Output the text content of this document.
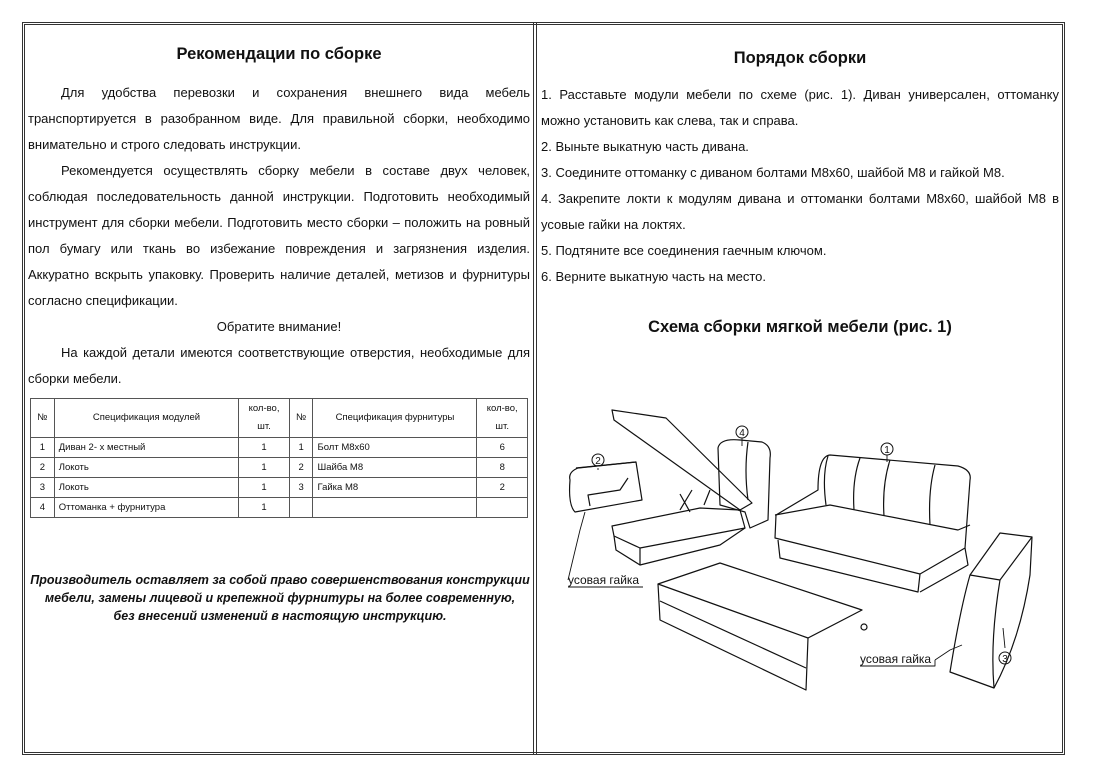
Рекомендации по сборке

Для удобства перевозки и сохранения внешнего вида мебель транспортируется в разобранном виде. Для правильной сборки, необходимо внимательно и строго следовать инструкции.

Рекомендуется осуществлять сборку мебели в составе двух человек, соблюдая последовательность данной инструкции. Подготовить необходимый инструмент для сборки мебели. Подготовить место сборки – положить на ровный пол бумагу или ткань во избежание повреждения и загрязнения изделия. Аккуратно вскрыть упаковку. Проверить наличие деталей, метизов и фурнитуры согласно спецификации.

Обратите внимание!

На каждой детали имеются соответствующие отверстия, необходимые для сборки мебели.

№	Спецификация модулей	кол-во,
шт.	№	Спецификация фурнитуры	кол-во,
шт.
1	Диван 2- х местный	1	1	Болт М8х60	6
2	Локоть	1	2	Шайба М8	8
3	Локоть	1	3	Гайка М8	2
4	Оттоманка + фурнитура	1			
Производитель оставляет за собой право совершенствования конструкции
мебели, замены лицевой и крепежной фурнитуры на более современную,
без внесений изменений в настоящую инструкцию.
Порядок сборки

1. Расставьте модули мебели по схеме (рис. 1). Диван универсален, оттоманку можно установить как слева, так и справа.

2. Выньте выкатную часть дивана.

3. Соедините оттоманку с диваном болтами М8х60, шайбой М8 и гайкой М8.

4. Закрепите локти к модулям дивана и оттоманки болтами М8х60, шайбой М8 в усовые гайки на локтях.

5. Подтяните все соединения гаечным ключом.

6. Верните выкатную часть на место.

Схема сборки мягкой мебели (рис. 1)
1
2
3
4
усовая гайка
усовая гайка
